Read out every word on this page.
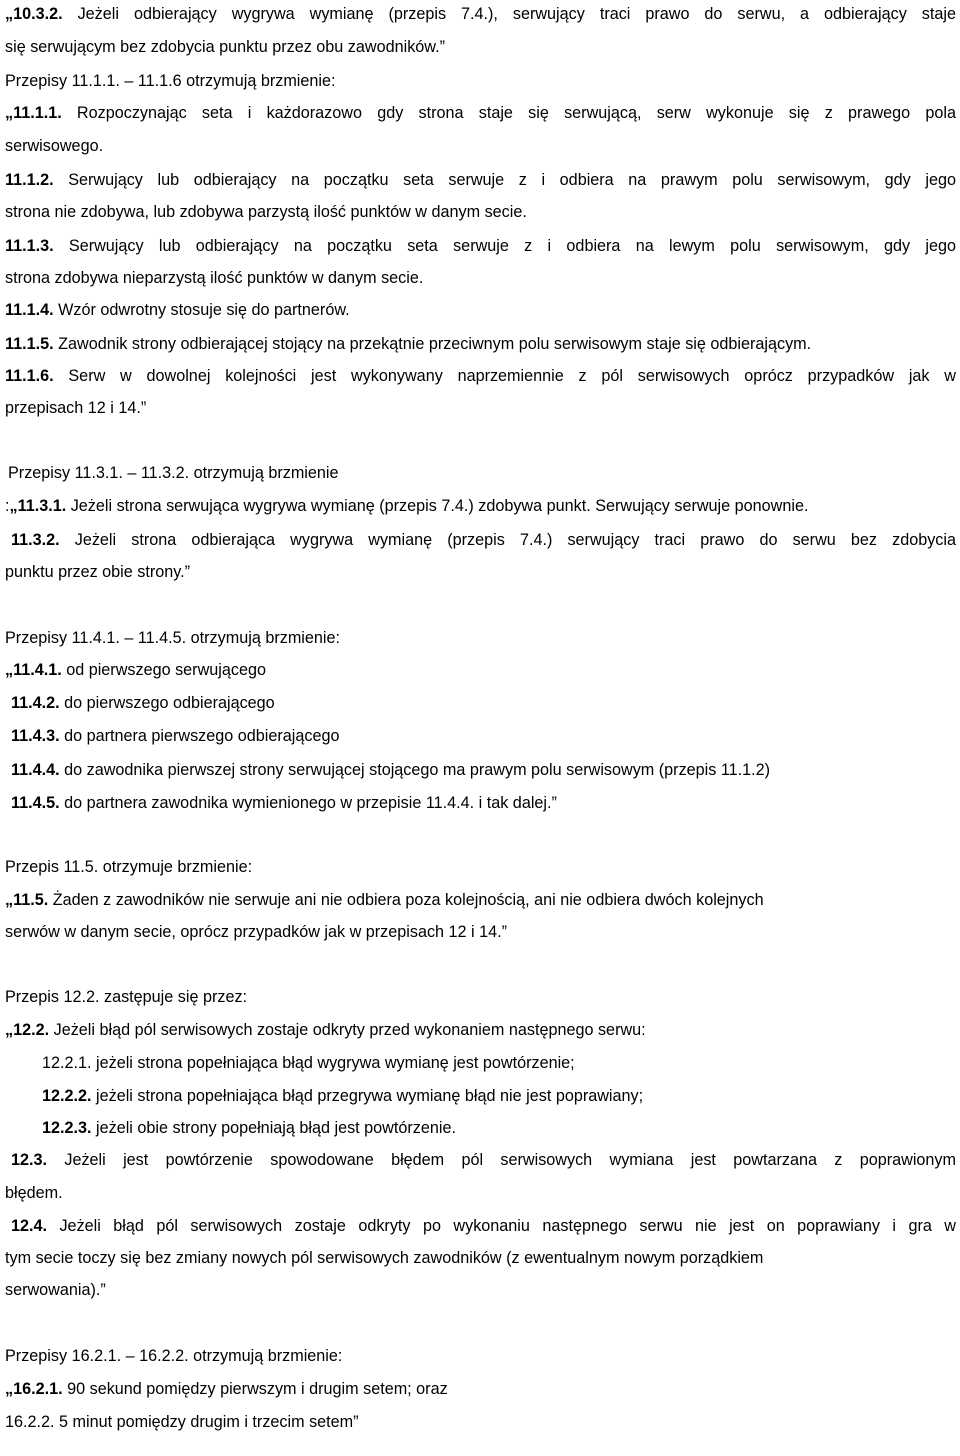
„10.3.2. Jeżeli odbierający wygrywa wymianę (przepis 7.4.), serwujący traci prawo do serwu, a odbierający staje
się serwującym bez zdobycia punktu przez obu zawodników.”
Przepisy 11.1.1. – 11.1.6 otrzymują brzmienie:
„11.1.1. Rozpoczynając seta i każdorazowo gdy strona staje się serwującą, serw wykonuje się z prawego pola
serwisowego.
11.1.2. Serwujący lub odbierający na początku seta serwuje z i odbiera na prawym polu serwisowym, gdy jego
strona nie zdobywa, lub zdobywa parzystą ilość punktów w danym secie.
11.1.3. Serwujący lub odbierający na początku seta serwuje z i odbiera na lewym polu serwisowym, gdy jego
strona zdobywa nieparzystą ilość punktów w danym secie.
11.1.4. Wzór odwrotny stosuje się do partnerów.
11.1.5. Zawodnik strony odbierającej stojący na przekątnie przeciwnym polu serwisowym staje się odbierającym.
11.1.6. Serw w dowolnej kolejności jest wykonywany naprzemiennie z pól serwisowych oprócz przypadków jak w
przepisach 12 i 14.”
Przepisy 11.3.1. – 11.3.2. otrzymują brzmienie
:„11.3.1. Jeżeli strona serwująca wygrywa wymianę (przepis 7.4.) zdobywa punkt. Serwujący serwuje ponownie.
11.3.2. Jeżeli strona odbierająca wygrywa wymianę (przepis 7.4.) serwujący traci prawo do serwu bez zdobycia
punktu przez obie strony.”
Przepisy 11.4.1. – 11.4.5. otrzymują brzmienie:
„11.4.1. od pierwszego serwującego
11.4.2. do pierwszego odbierającego
11.4.3. do partnera pierwszego odbierającego
11.4.4. do zawodnika pierwszej strony serwującej stojącego ma prawym polu serwisowym (przepis 11.1.2)
11.4.5. do partnera zawodnika wymienionego w przepisie 11.4.4. i tak dalej.”
Przepis 11.5. otrzymuje brzmienie:
„11.5. Żaden z zawodników nie serwuje ani nie odbiera poza kolejnością, ani nie odbiera dwóch kolejnych
serwów w danym secie, oprócz przypadków jak w przepisach 12 i 14.”
Przepis 12.2. zastępuje się przez:
„12.2. Jeżeli błąd pól serwisowych zostaje odkryty przed wykonaniem następnego serwu:
12.2.1. jeżeli strona popełniająca błąd wygrywa wymianę jest powtórzenie;
12.2.2. jeżeli strona popełniająca błąd przegrywa wymianę błąd nie jest poprawiany;
12.2.3. jeżeli obie strony popełniają błąd jest powtórzenie.
12.3. Jeżeli jest powtórzenie spowodowane błędem pól serwisowych wymiana jest powtarzana z poprawionym
błędem.
12.4. Jeżeli błąd pól serwisowych zostaje odkryty po wykonaniu następnego serwu nie jest on poprawiany i gra w
tym secie toczy się bez zmiany nowych pól serwisowych zawodników (z ewentualnym nowym porządkiem
serwowania).”
Przepisy 16.2.1. – 16.2.2. otrzymują brzmienie:
„16.2.1. 90 sekund pomiędzy pierwszym i drugim setem; oraz
16.2.2. 5 minut pomiędzy drugim i trzecim setem”
